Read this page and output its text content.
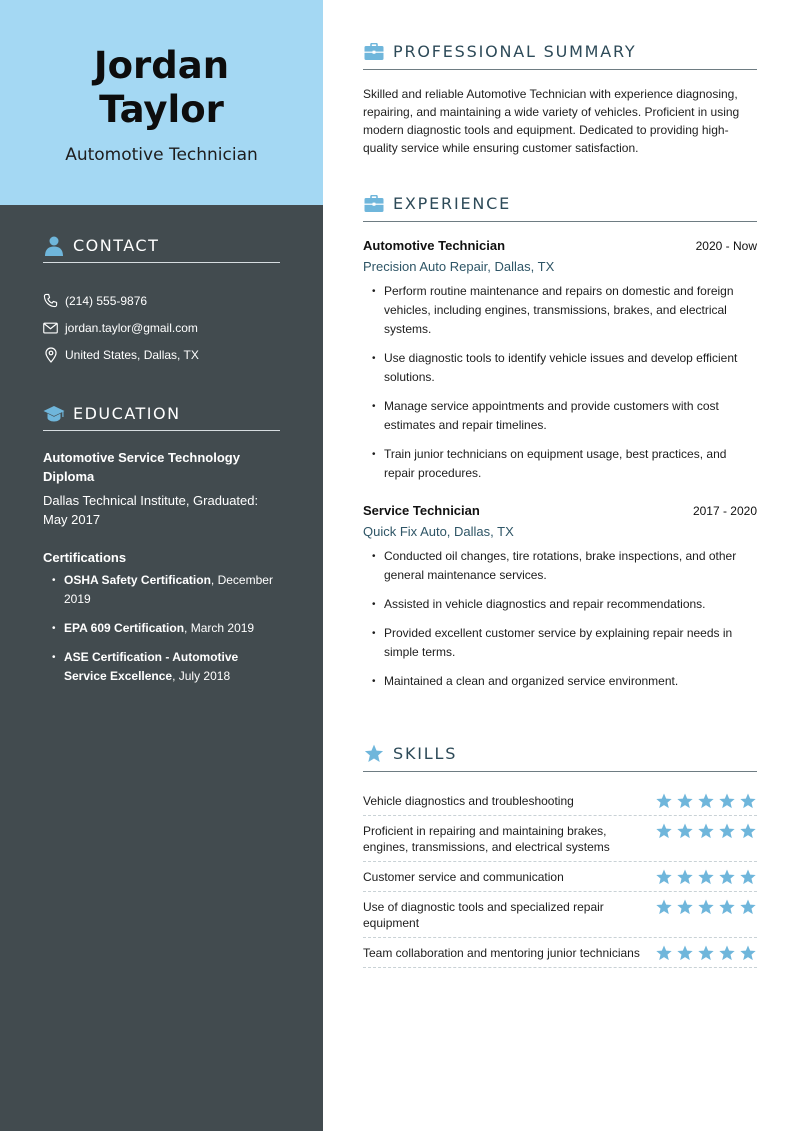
Jordan
Taylor
Automotive Technician
CONTACT
(214) 555-9876
jordan.taylor@gmail.com
United States, Dallas, TX
EDUCATION
Automotive Service Technology Diploma
Dallas Technical Institute, Graduated: May 2017
Certifications
• OSHA Safety Certification, December 2019
• EPA 609 Certification, March 2019
• ASE Certification - Automotive Service Excellence, July 2018
PROFESSIONAL SUMMARY

Skilled and reliable Automotive Technician with experience diagnosing, repairing, and maintaining a wide variety of vehicles. Proficient in using modern diagnostic tools and equipment. Dedicated to providing high-quality service while ensuring customer satisfaction.

EXPERIENCE
Automotive Technician	2020 - Now
Precision Auto Repair, Dallas, TX
• Perform routine maintenance and repairs on domestic and foreign vehicles, including engines, transmissions, brakes, and electrical systems.
• Use diagnostic tools to identify vehicle issues and develop efficient solutions.
• Manage service appointments and provide customers with cost estimates and repair timelines.
• Train junior technicians on equipment usage, best practices, and repair procedures.
Service Technician	2017 - 2020
Quick Fix Auto, Dallas, TX
• Conducted oil changes, tire rotations, brake inspections, and other general maintenance services.
• Assisted in vehicle diagnostics and repair recommendations.
• Provided excellent customer service by explaining repair needs in simple terms.
• Maintained a clean and organized service environment.
SKILLS
Vehicle diagnostics and troubleshooting
Proficient in repairing and maintaining brakes, engines, transmissions, and electrical systems
Customer service and communication
Use of diagnostic tools and specialized repair equipment
Team collaboration and mentoring junior technicians
